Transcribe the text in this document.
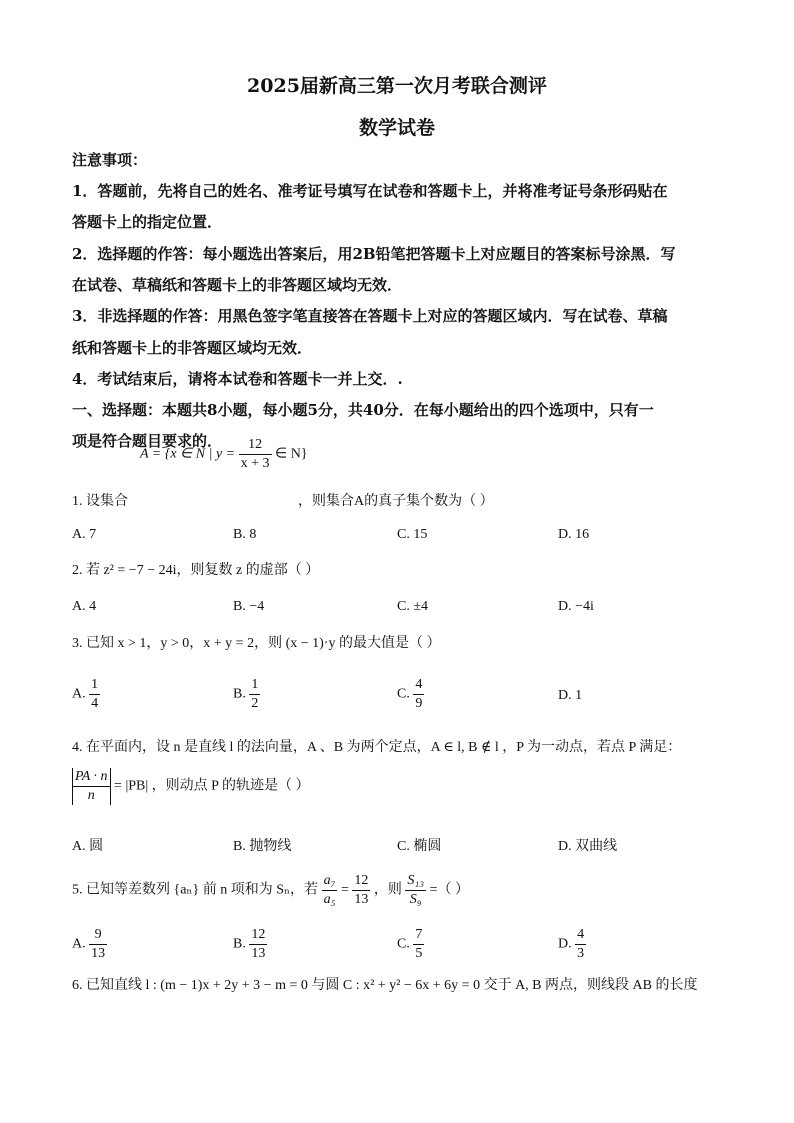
2025届新高三第一次月考联合测评
数学试卷
注意事项：
1．答题前，先将自己的姓名、准考证号填写在试卷和答题卡上，并将准考证号条形码贴在
答题卡上的指定位置．
2．选择题的作答：每小题选出答案后，用2B铅笔把答题卡上对应题目的答案标号涂黑．写
在试卷、草稿纸和答题卡上的非答题区域均无效．
3．非选择题的作答：用黑色签字笔直接答在答题卡上对应的答题区域内．写在试卷、草稿
纸和答题卡上的非答题区域均无效．
4．考试结束后，请将本试卷和答题卡一并上交．.
一、选择题：本题共8小题，每小题5分，共40分．在每小题给出的四个选项中，只有一
项是符合题目要求的．
A = {x ∈ N | $y = \frac{12}{x + 3}$ ∈ N}
1. 设集合	，则集合A的真子集个数为（ ）
A. 7	B. 8	C. 15	D. 16
2. 若 z² = −7 − 24i，则复数 z 的虚部（ ）
A. 4	B. −4	C. ±4	D. −4i
3. 已知 x > 1，y > 0，x + y = 2，则 (x − 1)·y 的最大值是（ ）
A. $\frac{1}{4}$	B. $\frac{1}{2}$	C. $\frac{4}{9}$	D. 1
4. 在平面内，设 n 是直线 l 的法向量，A 、B 为两个定点，A ∈ l, B ∉ l ，P 为一动点，若点 P 满足：
$\frac{PA \cdot n}{n} = |PB|$ ，则动点 P 的轨迹是（ ）
A. 圆	B. 抛物线	C. 椭圆	D. 双曲线
5. 已知等差数列 {aₙ} 前 n 项和为 Sₙ，若 $\frac{\text{a₇}}{\text{a₅}} = \frac{12}{13}$ ，则 $\frac{\text{S₁₃}}{\text{S₉}}$ =（ ）
A. $\frac{9}{13}$	B. $\frac{12}{13}$	C. $\frac{7}{5}$	D. $\frac{4}{3}$
6. 已知直线 l : (m − 1)x + 2y + 3 − m = 0 与圆 C : x² + y² − 6x + 6y = 0 交于 A, B 两点，则线段 AB 的长度
